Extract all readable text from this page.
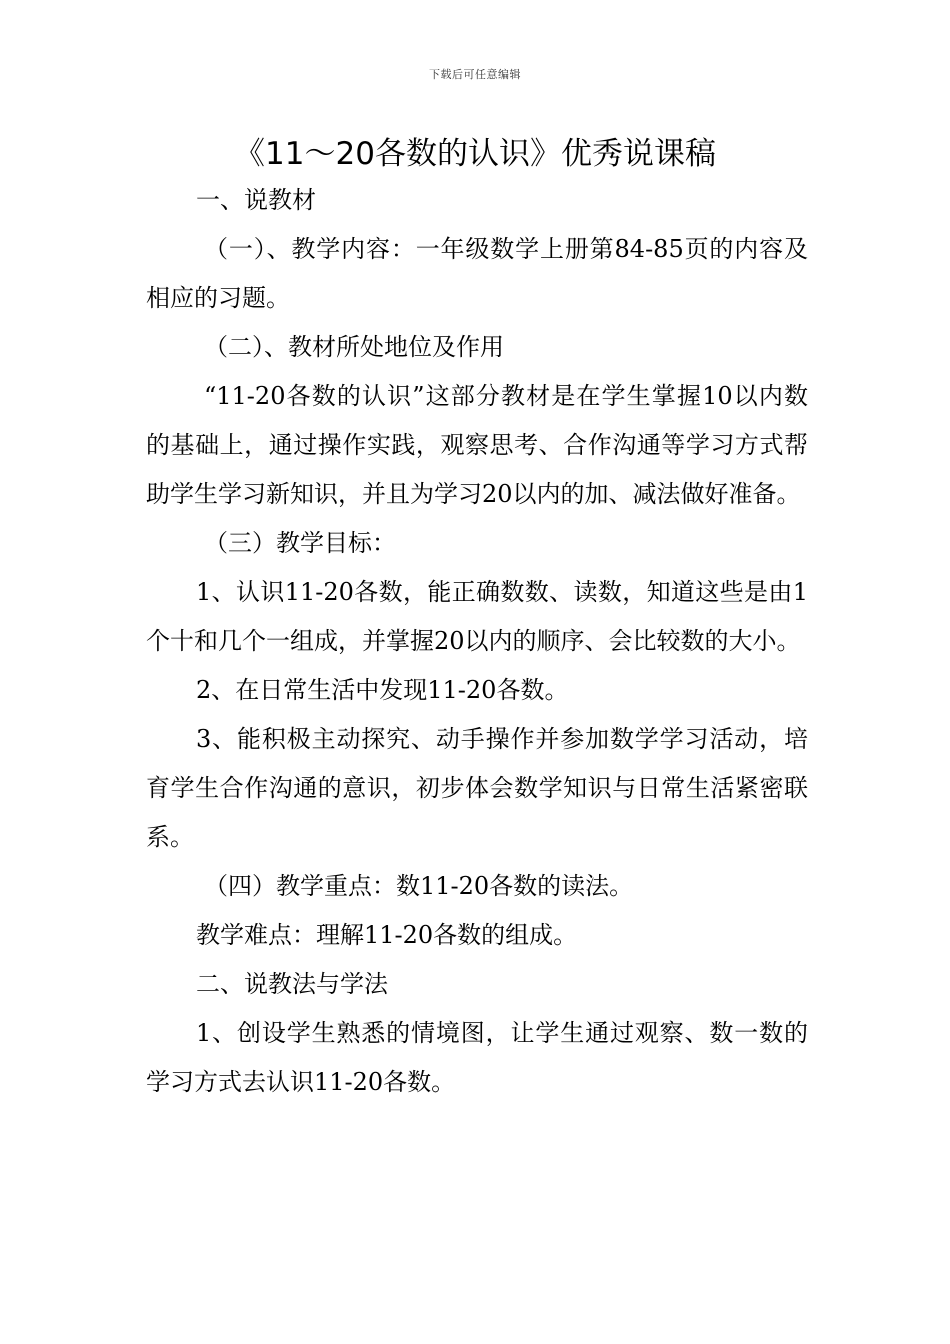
下载后可任意编辑
《11～20各数的认识》优秀说课稿

一、说教材

（一）、教学内容：一年级数学上册第84-85页的内容及相应的习题。

（二）、教材所处地位及作用

“11-20各数的认识”这部分教材是在学生掌握10以内数的基础上，通过操作实践，观察思考、合作沟通等学习方式帮助学生学习新知识，并且为学习20以内的加、减法做好准备。

（三）教学目标：

1、认识11-20各数，能正确数数、读数，知道这些是由1个十和几个一组成，并掌握20以内的顺序、会比较数的大小。

2、在日常生活中发现11-20各数。

3、能积极主动探究、动手操作并参加数学学习活动，培育学生合作沟通的意识，初步体会数学知识与日常生活紧密联系。

（四）教学重点：数11-20各数的读法。

教学难点：理解11-20各数的组成。

二、说教法与学法

1、创设学生熟悉的情境图，让学生通过观察、数一数的学习方式去认识11-20各数。
